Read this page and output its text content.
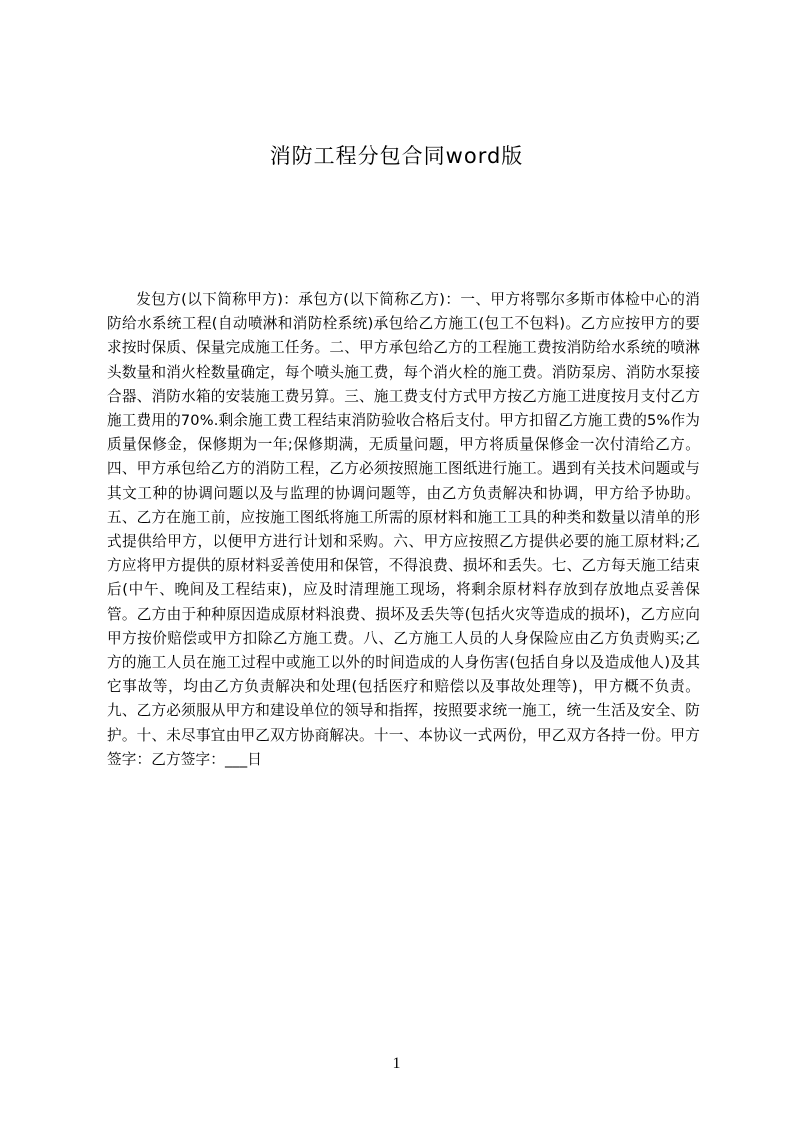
消防工程分包合同word版

发包方(以下简称甲方)：承包方(以下简称乙方)：一、甲方将鄂尔多斯市体检中心的消防给水系统工程(自动喷淋和消防栓系统)承包给乙方施工(包工不包料)。乙方应按甲方的要求按时保质、保量完成施工任务。二、甲方承包给乙方的工程施工费按消防给水系统的喷淋头数量和消火栓数量确定，每个喷头施工费，每个消火栓的施工费。消防泵房、消防水泵接合器、消防水箱的安装施工费另算。三、施工费支付方式甲方按乙方施工进度按月支付乙方施工费用的70%.剩余施工费工程结束消防验收合格后支付。甲方扣留乙方施工费的5%作为质量保修金，保修期为一年;保修期满，无质量问题，甲方将质量保修金一次付清给乙方。四、甲方承包给乙方的消防工程，乙方必须按照施工图纸进行施工。遇到有关技术问题或与其文工种的协调问题以及与监理的协调问题等，由乙方负责解决和协调，甲方给予协助。五、乙方在施工前，应按施工图纸将施工所需的原材料和施工工具的种类和数量以清单的形式提供给甲方，以便甲方进行计划和采购。六、甲方应按照乙方提供必要的施工原材料;乙方应将甲方提供的原材料妥善使用和保管，不得浪费、损坏和丢失。七、乙方每天施工结束后(中午、晚间及工程结束)，应及时清理施工现场，将剩余原材料存放到存放地点妥善保管。乙方由于种种原因造成原材料浪费、损坏及丢失等(包括火灾等造成的损坏)，乙方应向甲方按价赔偿或甲方扣除乙方施工费。八、乙方施工人员的人身保险应由乙方负责购买;乙方的施工人员在施工过程中或施工以外的时间造成的人身伤害(包括自身以及造成他人)及其它事故等，均由乙方负责解决和处理(包括医疗和赔偿以及事故处理等)，甲方概不负责。九、乙方必须服从甲方和建设单位的领导和指挥，按照要求统一施工，统一生活及安全、防护。十、未尽事宜由甲乙双方协商解决。十一、本协议一式两份，甲乙双方各持一份。甲方签字：乙方签字：___日

1
